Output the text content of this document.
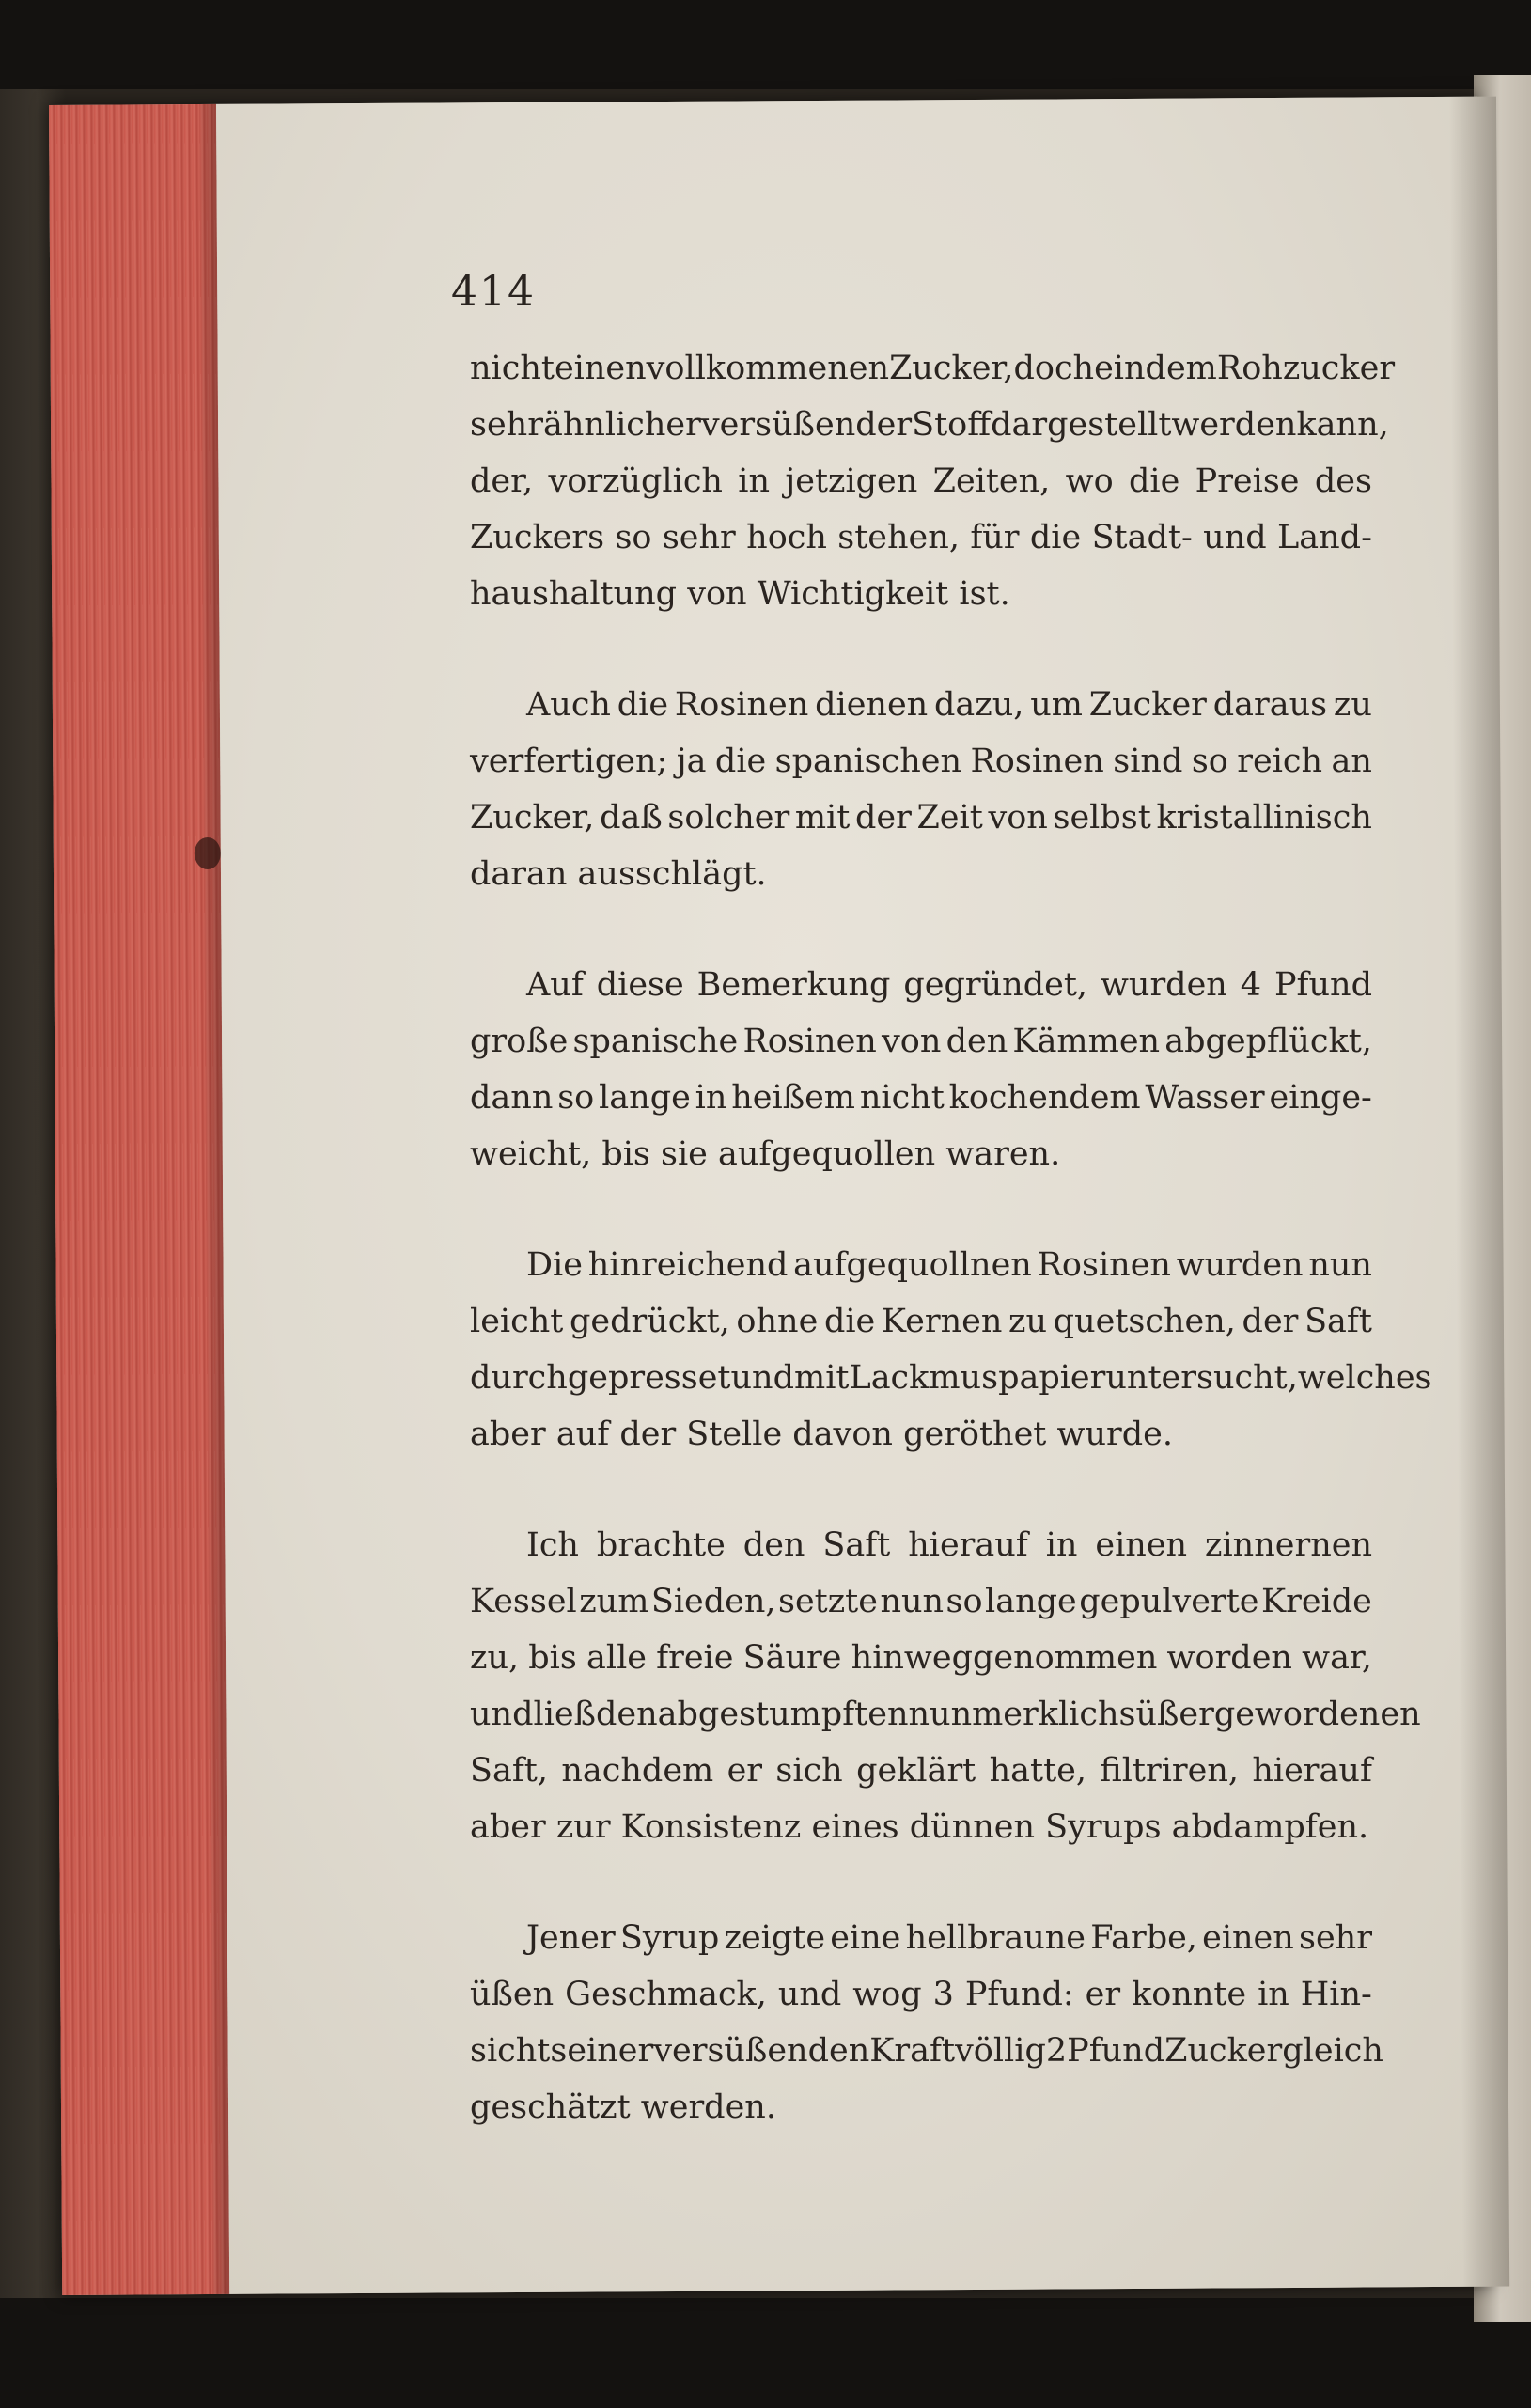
414
nicht einen vollkommenen Zucker, doch ein dem Rohzucker
sehr ähnlicher versüßender Stoff dargestellt werden kann,
der, vorzüglich in jetzigen Zeiten, wo die Preise des
Zuckers so sehr hoch stehen, für die Stadt- und Land-
haushaltung von Wichtigkeit ist.
Auch die Rosinen dienen dazu, um Zucker daraus zu
verfertigen; ja die spanischen Rosinen sind so reich an
Zucker, daß solcher mit der Zeit von selbst kristallinisch
daran ausschlägt.
Auf diese Bemerkung gegründet, wurden 4 Pfund
große spanische Rosinen von den Kämmen abgepflückt,
dann so lange in heißem nicht kochendem Wasser einge-
weicht, bis sie aufgequollen waren.
Die hinreichend aufgequollnen Rosinen wurden nun
leicht gedrückt, ohne die Kernen zu quetschen, der Saft
durchgepresset und mit Lackmuspapier untersucht, welches
aber auf der Stelle davon geröthet wurde.
Ich brachte den Saft hierauf in einen zinnernen
Kessel zum Sieden, setzte nun so lange gepulverte Kreide
zu, bis alle freie Säure hinweggenommen worden war,
und ließ den abgestumpften nun merklich süßer gewordenen
Saft, nachdem er sich geklärt hatte, filtriren, hierauf
aber zur Konsistenz eines dünnen Syrups abdampfen.
Jener Syrup zeigte eine hellbraune Farbe, einen sehr
üßen Geschmack, und wog 3 Pfund: er konnte in Hin-
sicht seiner versüßenden Kraft völlig 2 Pfund Zucker gleich
geschätzt werden.
